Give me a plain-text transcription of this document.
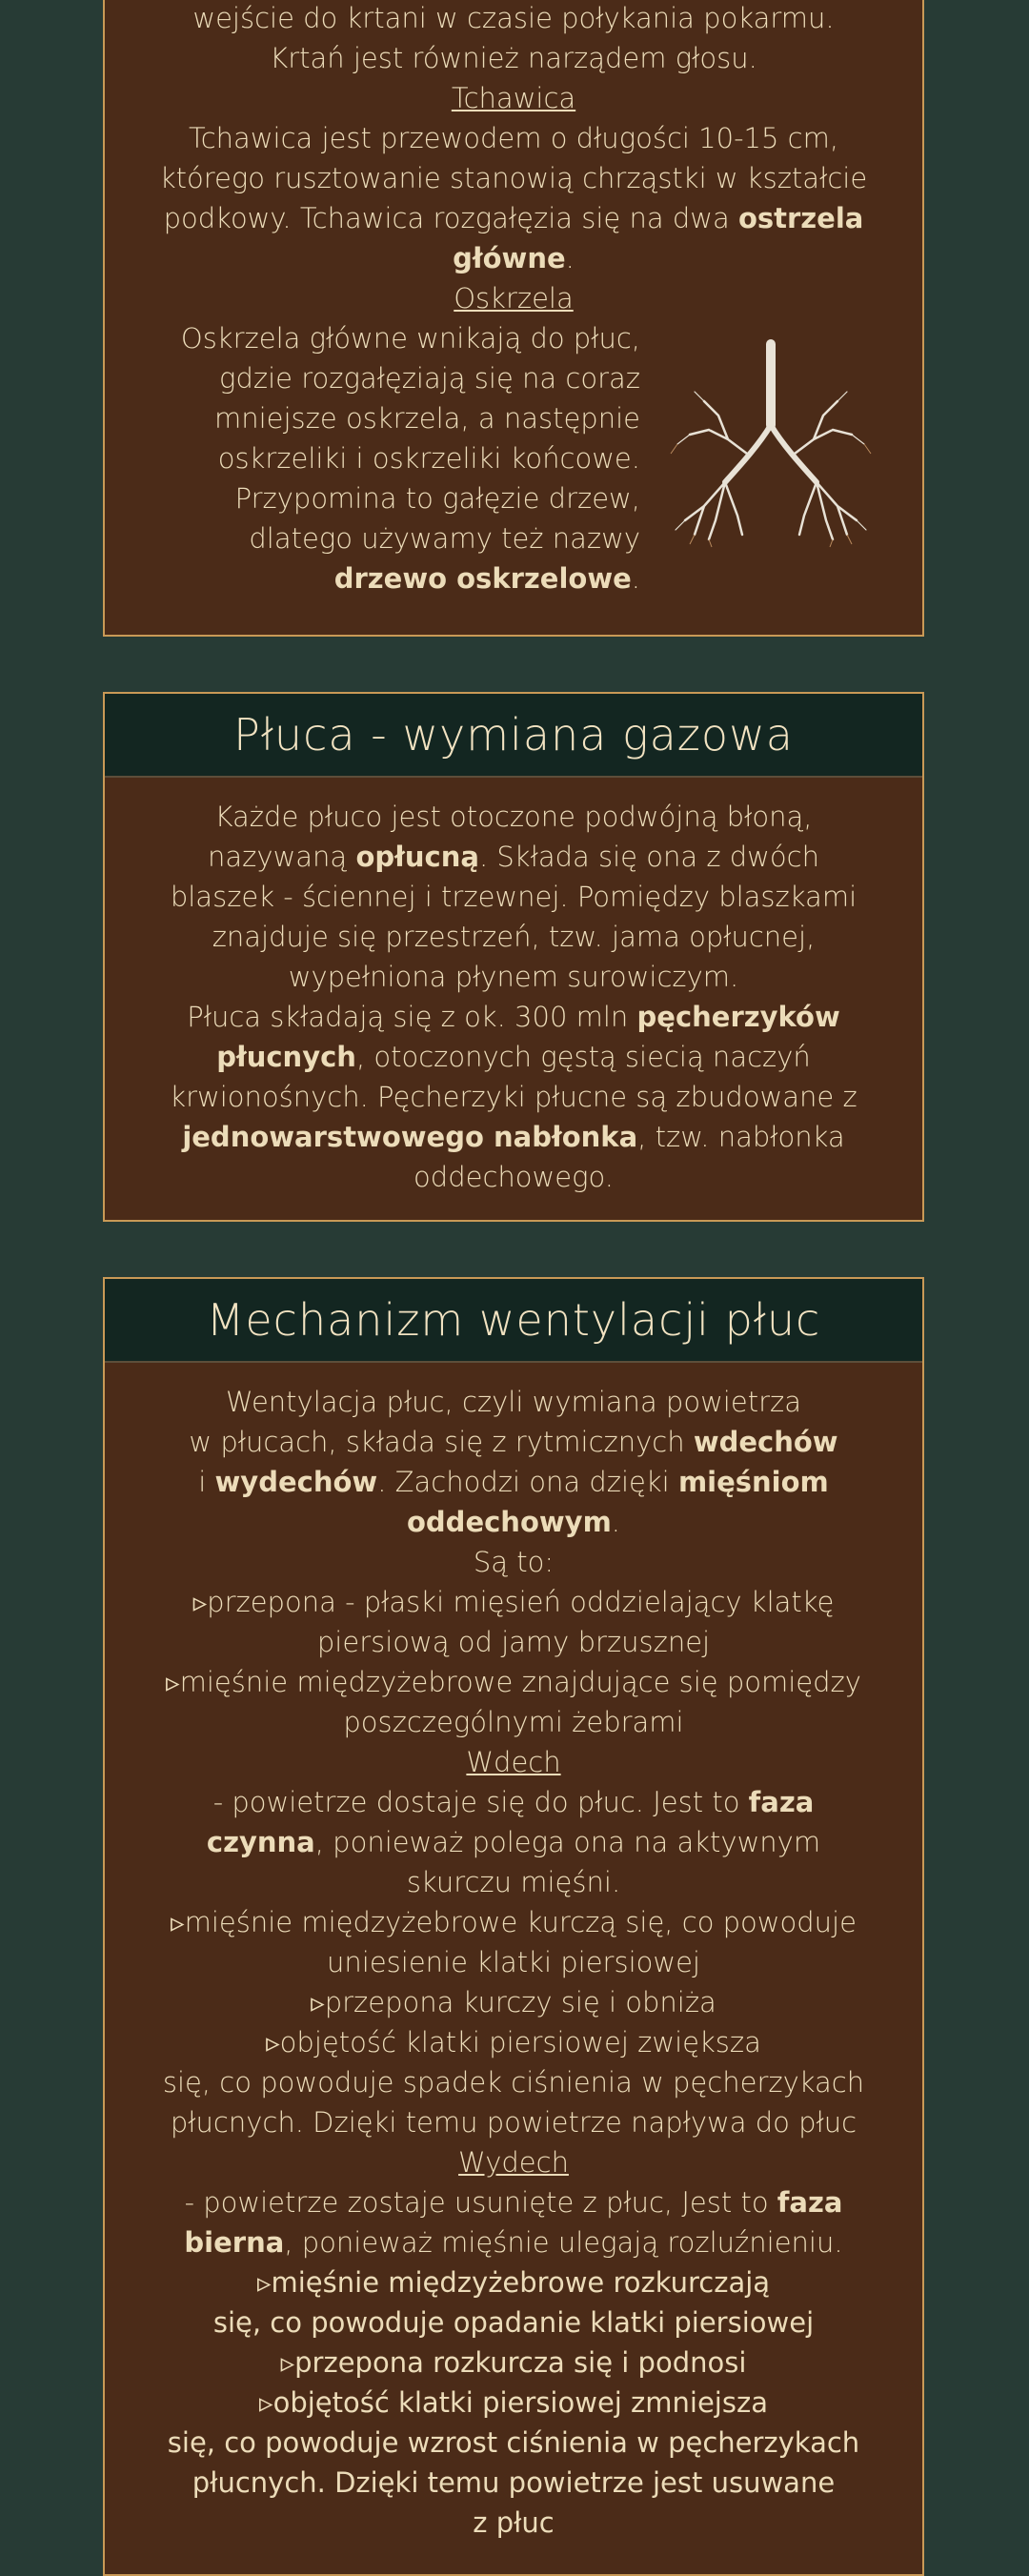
wejście do krtani w czasie połykania pokarmu.

Krtań jest również narządem głosu.

Tchawica

Tchawica jest przewodem o długości 10-15 cm,

którego rusztowanie stanowią chrząstki w kształcie

podkowy. Tchawica rozgałęzia się na dwa ostrzela

główne.

Oskrzela

Oskrzela główne wnikają do płuc,

gdzie rozgałęziają się na coraz

mniejsze oskrzela, a następnie

oskrzeliki i oskrzeliki końcowe.

Przypomina to gałęzie drzew,

dlatego używamy też nazwy

drzewo oskrzelowe.

Płuca - wymiana gazowa

Każde płuco jest otoczone podwójną błoną,

nazywaną opłucną. Składa się ona z dwóch

blaszek - ściennej i trzewnej. Pomiędzy blaszkami

znajduje się przestrzeń, tzw. jama opłucnej,

wypełniona płynem surowiczym.

Płuca składają się z ok. 300 mln pęcherzyków

płucnych, otoczonych gęstą siecią naczyń

krwionośnych. Pęcherzyki płucne są zbudowane z

jednowarstwowego nabłonka, tzw. nabłonka

oddechowego.

Mechanizm wentylacji płuc

Wentylacja płuc, czyli wymiana powietrza

w płucach, składa się z rytmicznych wdechów

i wydechów. Zachodzi ona dzięki mięśniom

oddechowym.

Są to:

▹przepona - płaski mięsień oddzielający klatkę

piersiową od jamy brzusznej

▹mięśnie międzyżebrowe znajdujące się pomiędzy

poszczególnymi żebrami

Wdech

- powietrze dostaje się do płuc. Jest to faza

czynna, ponieważ polega ona na aktywnym

skurczu mięśni.

▹mięśnie międzyżebrowe kurczą się, co powoduje

uniesienie klatki piersiowej

▹przepona kurczy się i obniża

▹objętość klatki piersiowej zwiększa

się, co powoduje spadek ciśnienia w pęcherzykach

płucnych. Dzięki temu powietrze napływa do płuc

Wydech

- powietrze zostaje usunięte z płuc, Jest to faza

bierna, ponieważ mięśnie ulegają rozluźnieniu.

▹mięśnie międzyżebrowe rozkurczają

się, co powoduje opadanie klatki piersiowej

▹przepona rozkurcza się i podnosi

▹objętość klatki piersiowej zmniejsza

się, co powoduje wzrost ciśnienia w pęcherzykach

płucnych. Dzięki temu powietrze jest usuwane

z płuc
